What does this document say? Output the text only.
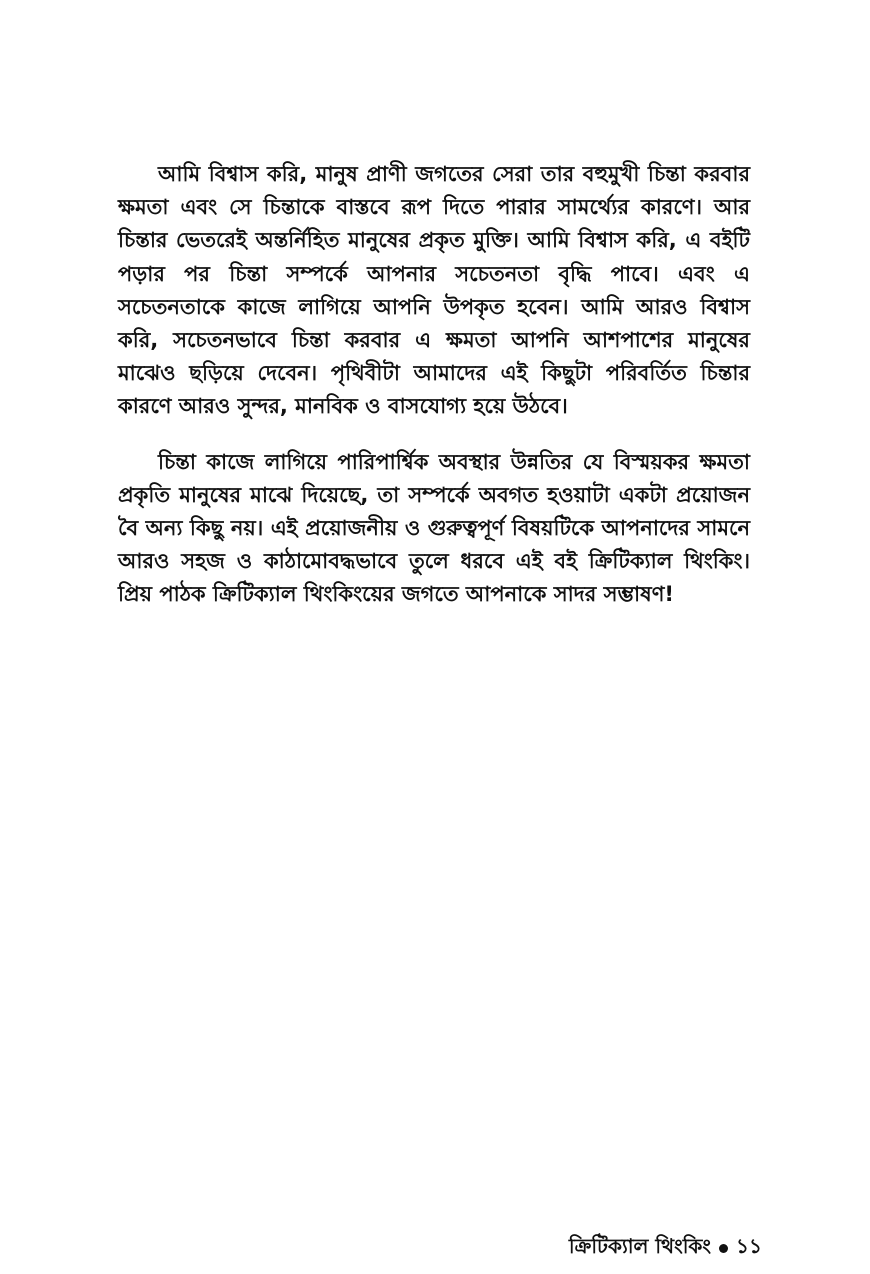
আমি বিশ্বাস করি, মানুষ প্রাণী জগতের সেরা তার বহুমুখী চিন্তা করবার ক্ষমতা এবং সে চিন্তাকে বাস্তবে রূপ দিতে পারার সামর্থ্যের কারণে। আর চিন্তার ভেতরেই অন্তর্নিহিত মানুষের প্রকৃত মুক্তি। আমি বিশ্বাস করি, এ বইটি পড়ার পর চিন্তা সম্পর্কে আপনার সচেতনতা বৃদ্ধি পাবে। এবং এ সচেতনতাকে কাজে লাগিয়ে আপনি উপকৃত হবেন। আমি আরও বিশ্বাস করি, সচেতনভাবে চিন্তা করবার এ ক্ষমতা আপনি আশপাশের মানুষের মাঝেও ছড়িয়ে দেবেন। পৃথিবীটা আমাদের এই কিছুটা পরিবর্তিত চিন্তার কারণে আরও সুন্দর, মানবিক ও বাসযোগ্য হয়ে উঠবে।

চিন্তা কাজে লাগিয়ে পারিপার্শ্বিক অবস্থার উন্নতির যে বিস্ময়কর ক্ষমতা প্রকৃতি মানুষের মাঝে দিয়েছে, তা সম্পর্কে অবগত হওয়াটা একটা প্রয়োজন বৈ অন্য কিছু নয়। এই প্রয়োজনীয় ও গুরুত্বপূর্ণ বিষয়টিকে আপনাদের সামনে আরও সহজ ও কাঠামোবদ্ধভাবে তুলে ধরবে এই বই ক্রিটিক্যাল থিংকিং। প্রিয় পাঠক ক্রিটিক্যাল থিংকিংয়ের জগতে আপনাকে সাদর সম্ভাষণ!

ক্রিটিক্যাল থিংকিং ১১
